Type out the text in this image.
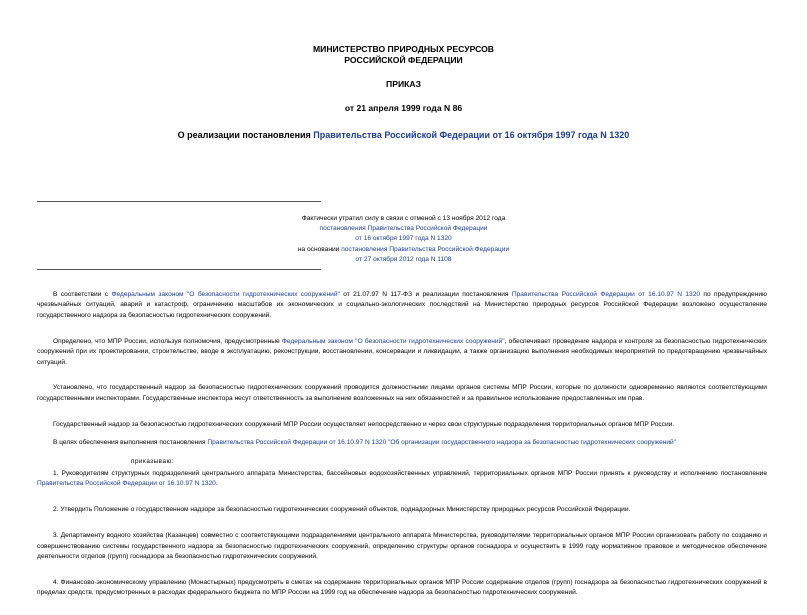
МИНИСТЕРСТВО ПРИРОДНЫХ РЕСУРСОВ
РОССИЙСКОЙ ФЕДЕРАЦИИ
ПРИКАЗ
от 21 апреля 1999 года N 86
О реализации постановления Правительства Российской Федерации от 16 октября 1997 года N 1320
Фактически утратил силу в связи с отменой с 13 ноября 2012 года
постановления Правительства Российской Федерации
от 16 октября 1997 года N 1320
на основании постановления Правительства Российской Федерации
от 27 октября 2012 года N 1108

В соответствии с Федеральным законом "О безопасности гидротехнических сооружений" от 21.07.97 N 117-ФЗ и реализации постановления Правительства Российской Федерации от 16.10.97 N 1320 по предупреждению чрезвычайных ситуаций, аварий и катастроф, ограничению масштабов их экономических и социально-экологических последствий на Министерство природных ресурсов Российской Федерации возложено осуществление государственного надзора за безопасностью гидротехнических сооружений.

Определено, что МПР России, используя полномочия, предусмотренные Федеральным законом "О безопасности гидротехнических сооружений", обеспечивает проведение надзора и контроля за безопасностью гидротехнических сооружений при их проектировании, строительстве, вводе в эксплуатацию, реконструкции, восстановлении, консервации и ликвидации, а также организацию выполнения необходимых мероприятий по предотвращению чрезвычайных ситуаций.

Установлено, что государственный надзор за безопасностью гидротехнических сооружений проводится должностными лицами органов системы МПР России, которые по должности одновременно являются соответствующими государственными инспекторами. Государственные инспектора несут ответственность за выполнение возложенных на них обязанностей и за правильное использование предоставленных им прав.

Государственный надзор за безопасностью гидротехнических сооружений МПР России осуществляет непосредственно и через свои структурные подразделения территориальных органов МПР России.

В целях обеспечения выполнения постановления Правительства Российской Федерации от 16.10.97 N 1320 "Об организации государственного надзора за безопасностью гидротехнических сооружений"

приказываю:

1. Руководителям структурных подразделений центрального аппарата Министерства, бассейновых водохозяйственных управлений, территориальных органов МПР России принять к руководству и исполнению постановление Правительства Российской Федерации от 16.10.97 N 1320.

2. Утвердить Положение о государственном надзоре за безопасностью гидротехнических сооружений объектов, поднадзорных Министерству природных ресурсов Российской Федерации.

3. Департаменту водного хозяйства (Казанцев) совместно с соответствующими подразделениями центрального аппарата Министерства, руководителями территориальных органов МПР России организовать работу по созданию и совершенствованию системы государственного надзора за безопасностью гидротехнических сооружений, определению структуры органов госнадзора и осуществить в 1999 году нормативное правовое и методическое обеспечение деятельности отделов (групп) госнадзора за безопасностью гидротехнических сооружений.

4. Финансово-экономическому управлению (Монастырных) предусмотреть в сметах на содержание территориальных органов МПР России содержание отделов (групп) госнадзора за безопасностью гидротехнических сооружений в пределах средств, предусмотренных в расходах федерального бюджета по МПР России на 1999 год на обеспечение надзора за безопасностью гидротехнических сооружений.
